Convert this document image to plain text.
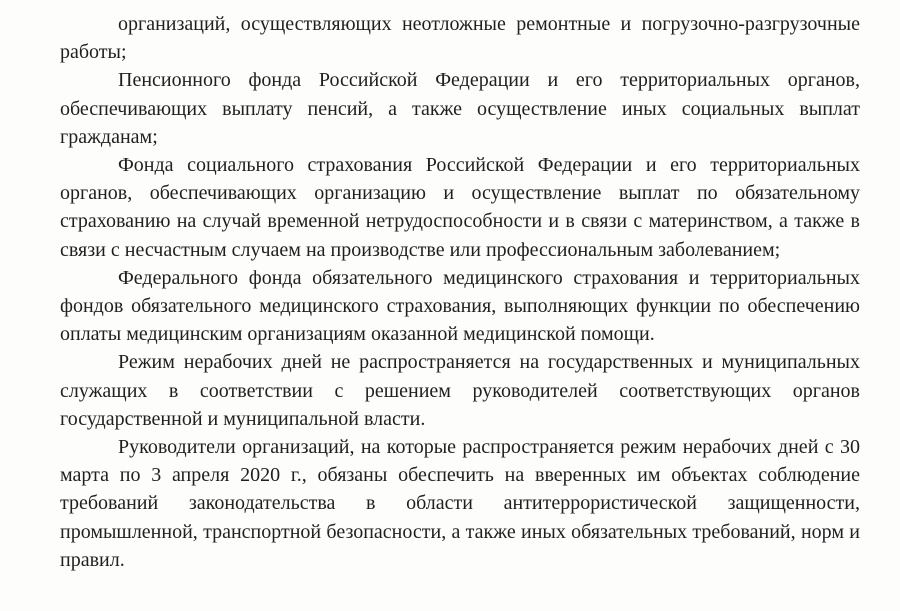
организаций, осуществляющих неотложные ремонтные и погрузочно-разгрузочные работы;

Пенсионного фонда Российской Федерации и его территориальных органов, обеспечивающих выплату пенсий, а также осуществление иных социальных выплат гражданам;

Фонда социального страхования Российской Федерации и его территориальных органов, обеспечивающих организацию и осуществление выплат по обязательному страхованию на случай временной нетрудоспособности и в связи с материнством, а также в связи с несчастным случаем на производстве или профессиональным заболеванием;

Федерального фонда обязательного медицинского страхования и территориальных фондов обязательного медицинского страхования, выполняющих функции по обеспечению оплаты медицинским организациям оказанной медицинской помощи.

Режим нерабочих дней не распространяется на государственных и муниципальных служащих в соответствии с решением руководителей соответствующих органов государственной и муниципальной власти.

Руководители организаций, на которые распространяется режим нерабочих дней с 30 марта по 3 апреля 2020 г., обязаны обеспечить на вверенных им объектах соблюдение требований законодательства в области антитеррористической защищенности, промышленной, транспортной безопасности, а также иных обязательных требований, норм и правил.
